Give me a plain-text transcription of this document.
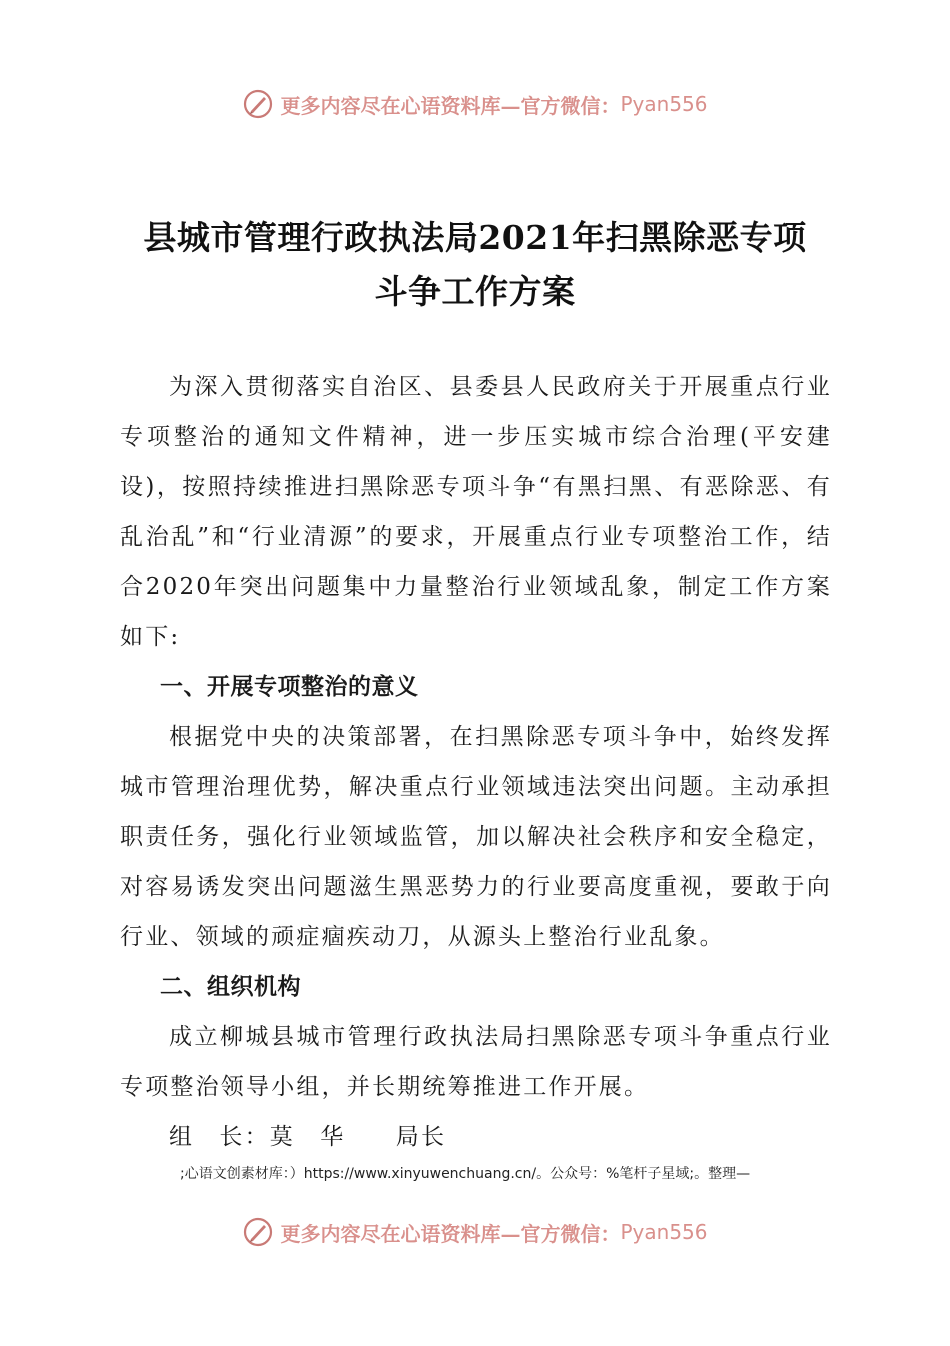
更多内容尽在心语资料库—官方微信： Pyan556
县城市管理行政执法局2021年扫黑除恶专项
斗争工作方案

为深入贯彻落实自治区、县委县人民政府关于开展重点行业专项整治的通知文件精神，进一步压实城市综合治理(平安建设)，按照持续推进扫黑除恶专项斗争“有黑扫黑、有恶除恶、有乱治乱”和“行业清源”的要求，开展重点行业专项整治工作，结合2020年突出问题集中力量整治行业领域乱象，制定工作方案如下:

一、开展专项整治的意义

根据党中央的决策部署，在扫黑除恶专项斗争中，始终发挥城市管理治理优势，解决重点行业领域违法突出问题。主动承担职责任务，强化行业领域监管，加以解决社会秩序和安全稳定，对容易诱发突出问题滋生黑恶势力的行业要高度重视，要敢于向行业、领域的顽症痼疾动刀，从源头上整治行业乱象。

二、组织机构

成立柳城县城市管理行政执法局扫黑除恶专项斗争重点行业专项整治领导小组，并长期统筹推进工作开展。

组　长：莫　华　　局长

;心语文创素材库：）https://www.xinyuwenchuang.cn/。公众号：%笔杆子星域;。整理—
更多内容尽在心语资料库—官方微信： Pyan556
